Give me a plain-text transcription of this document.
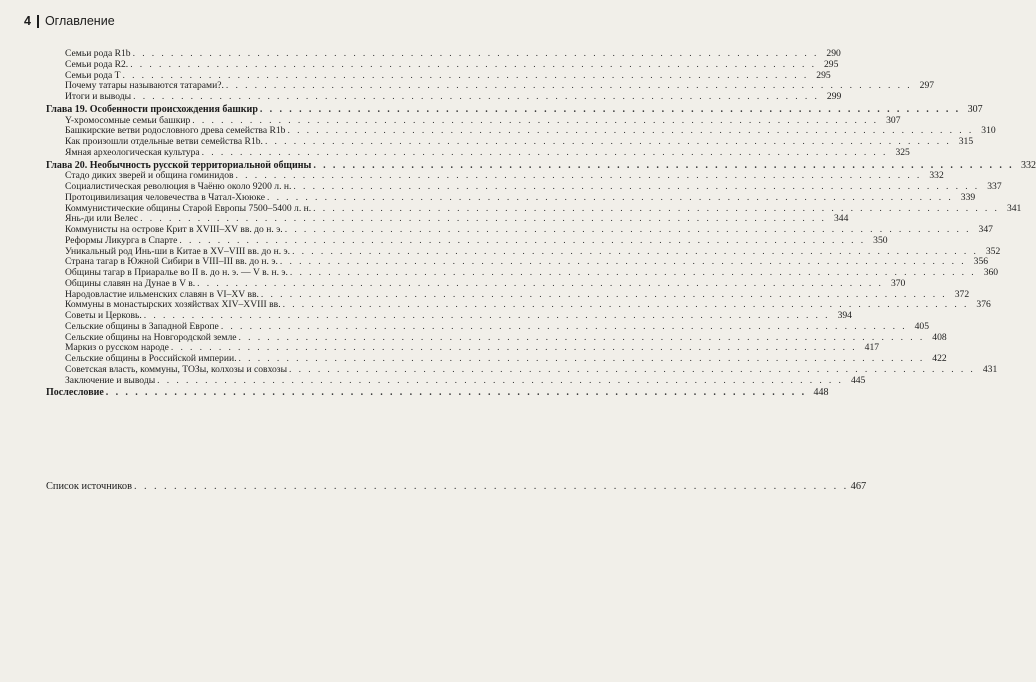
4 Оглавление
Семьи рода R1b . . .	290
Семьи рода R2. . . .	295
Семьи рода T . . .	295
Почему татары называются татарами?. . . .	297
Итоги и выводы . . .	299
Глава 19. Особенности происхождения башкир . . .	307
Y-хромосомные семьи башкир . . .	307
Башкирские ветви родословного древа семейства R1b . . .	310
Как произошли отдельные ветви семейства R1b. . . .	315
Ямная археологическая культура . . .	325
Глава 20. Необычность русской территориальной общины . . .	332
Стадо диких зверей и община гоминидов . . .	332
Социалистическая революция в Чаёню около 9200 л. н. . . .	337
Протоцивилизация человечества в Чатал-Хююке . . .	339
Коммунистические общины Старой Европы 7500–5400 л. н. . . .	341
Янь-ди или Велес . . .	344
Коммунисты на острове Крит в XVIII–XV вв. до н. э. . . .	347
Реформы Ликурга в Спарте . . .	350
Уникальный род Инь-ши в Китае в XV–VIII вв. до н. э. . . .	352
Страна тагар в Южной Сибири в VIII–III вв. до н. э. . . .	356
Общины тагар в Приаралье во II в. до н. э. — V в. н. э. . . .	360
Общины славян на Дунае в V в. . . .	370
Народовластие ильменских славян в VI–XV вв. . . .	372
Коммуны в монастырских хозяйствах XIV–XVIII вв. . . .	376
Советы и Церковь. . . .	394
Сельские общины в Западной Европе . . .	405
Сельские общины на Новгородской земле . . .	408
Маркиз о русском народе . . .	417
Сельские общины в Российской империи. . . .	422
Советская власть, коммуны, ТОЗы, колхозы и совхозы . . .	431
Заключение и выводы . . .	445
Послесловие . . .	448
Список источников . . .	467
